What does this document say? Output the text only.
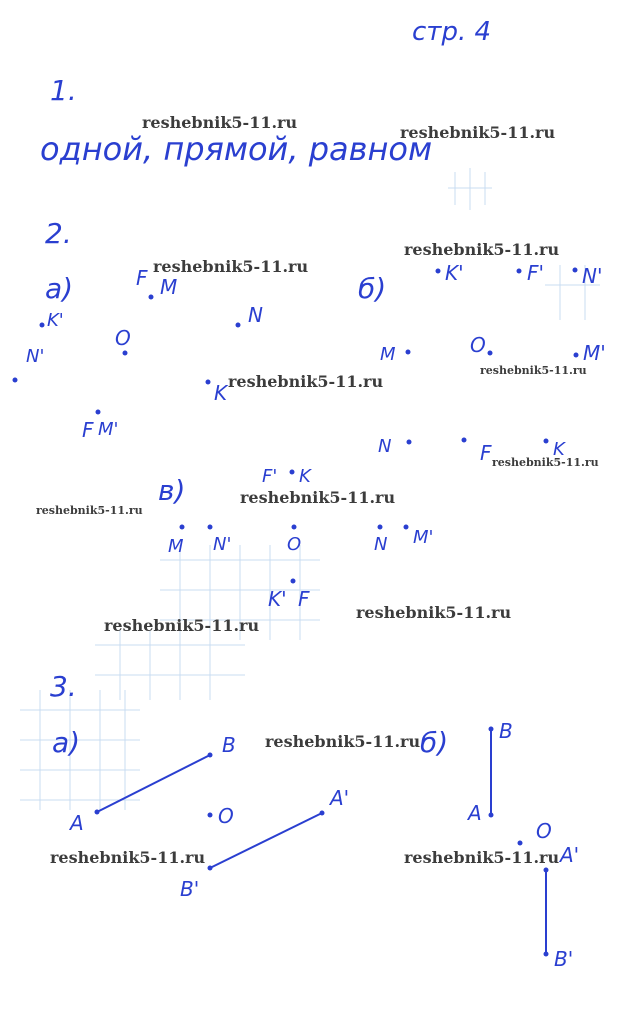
стр. 4
1.
одной, прямой, равном
2.
а)	F M
K'	N
O
N'
K
F M'
б)	K'	F' N'
M	O	M'
N	F	K
в)	F' K
M N'	O	N M'
K' F
3.
а)	B
A	O
A'
B'
б)	B
A
O
A'
B'
reshebnik5-11.ru
reshebnik5-11.ru
reshebnik5-11.ru
reshebnik5-11.ru
reshebnik5-11.ru
reshebnik5-11.ru
reshebnik5-11.ru
reshebnik5-11.ru
reshebnik5-11.ru
reshebnik5-11.ru
reshebnik5-11.ru
reshebnik5-11.ru
reshebnik5-11.ru	reshebnik5-11.ru
